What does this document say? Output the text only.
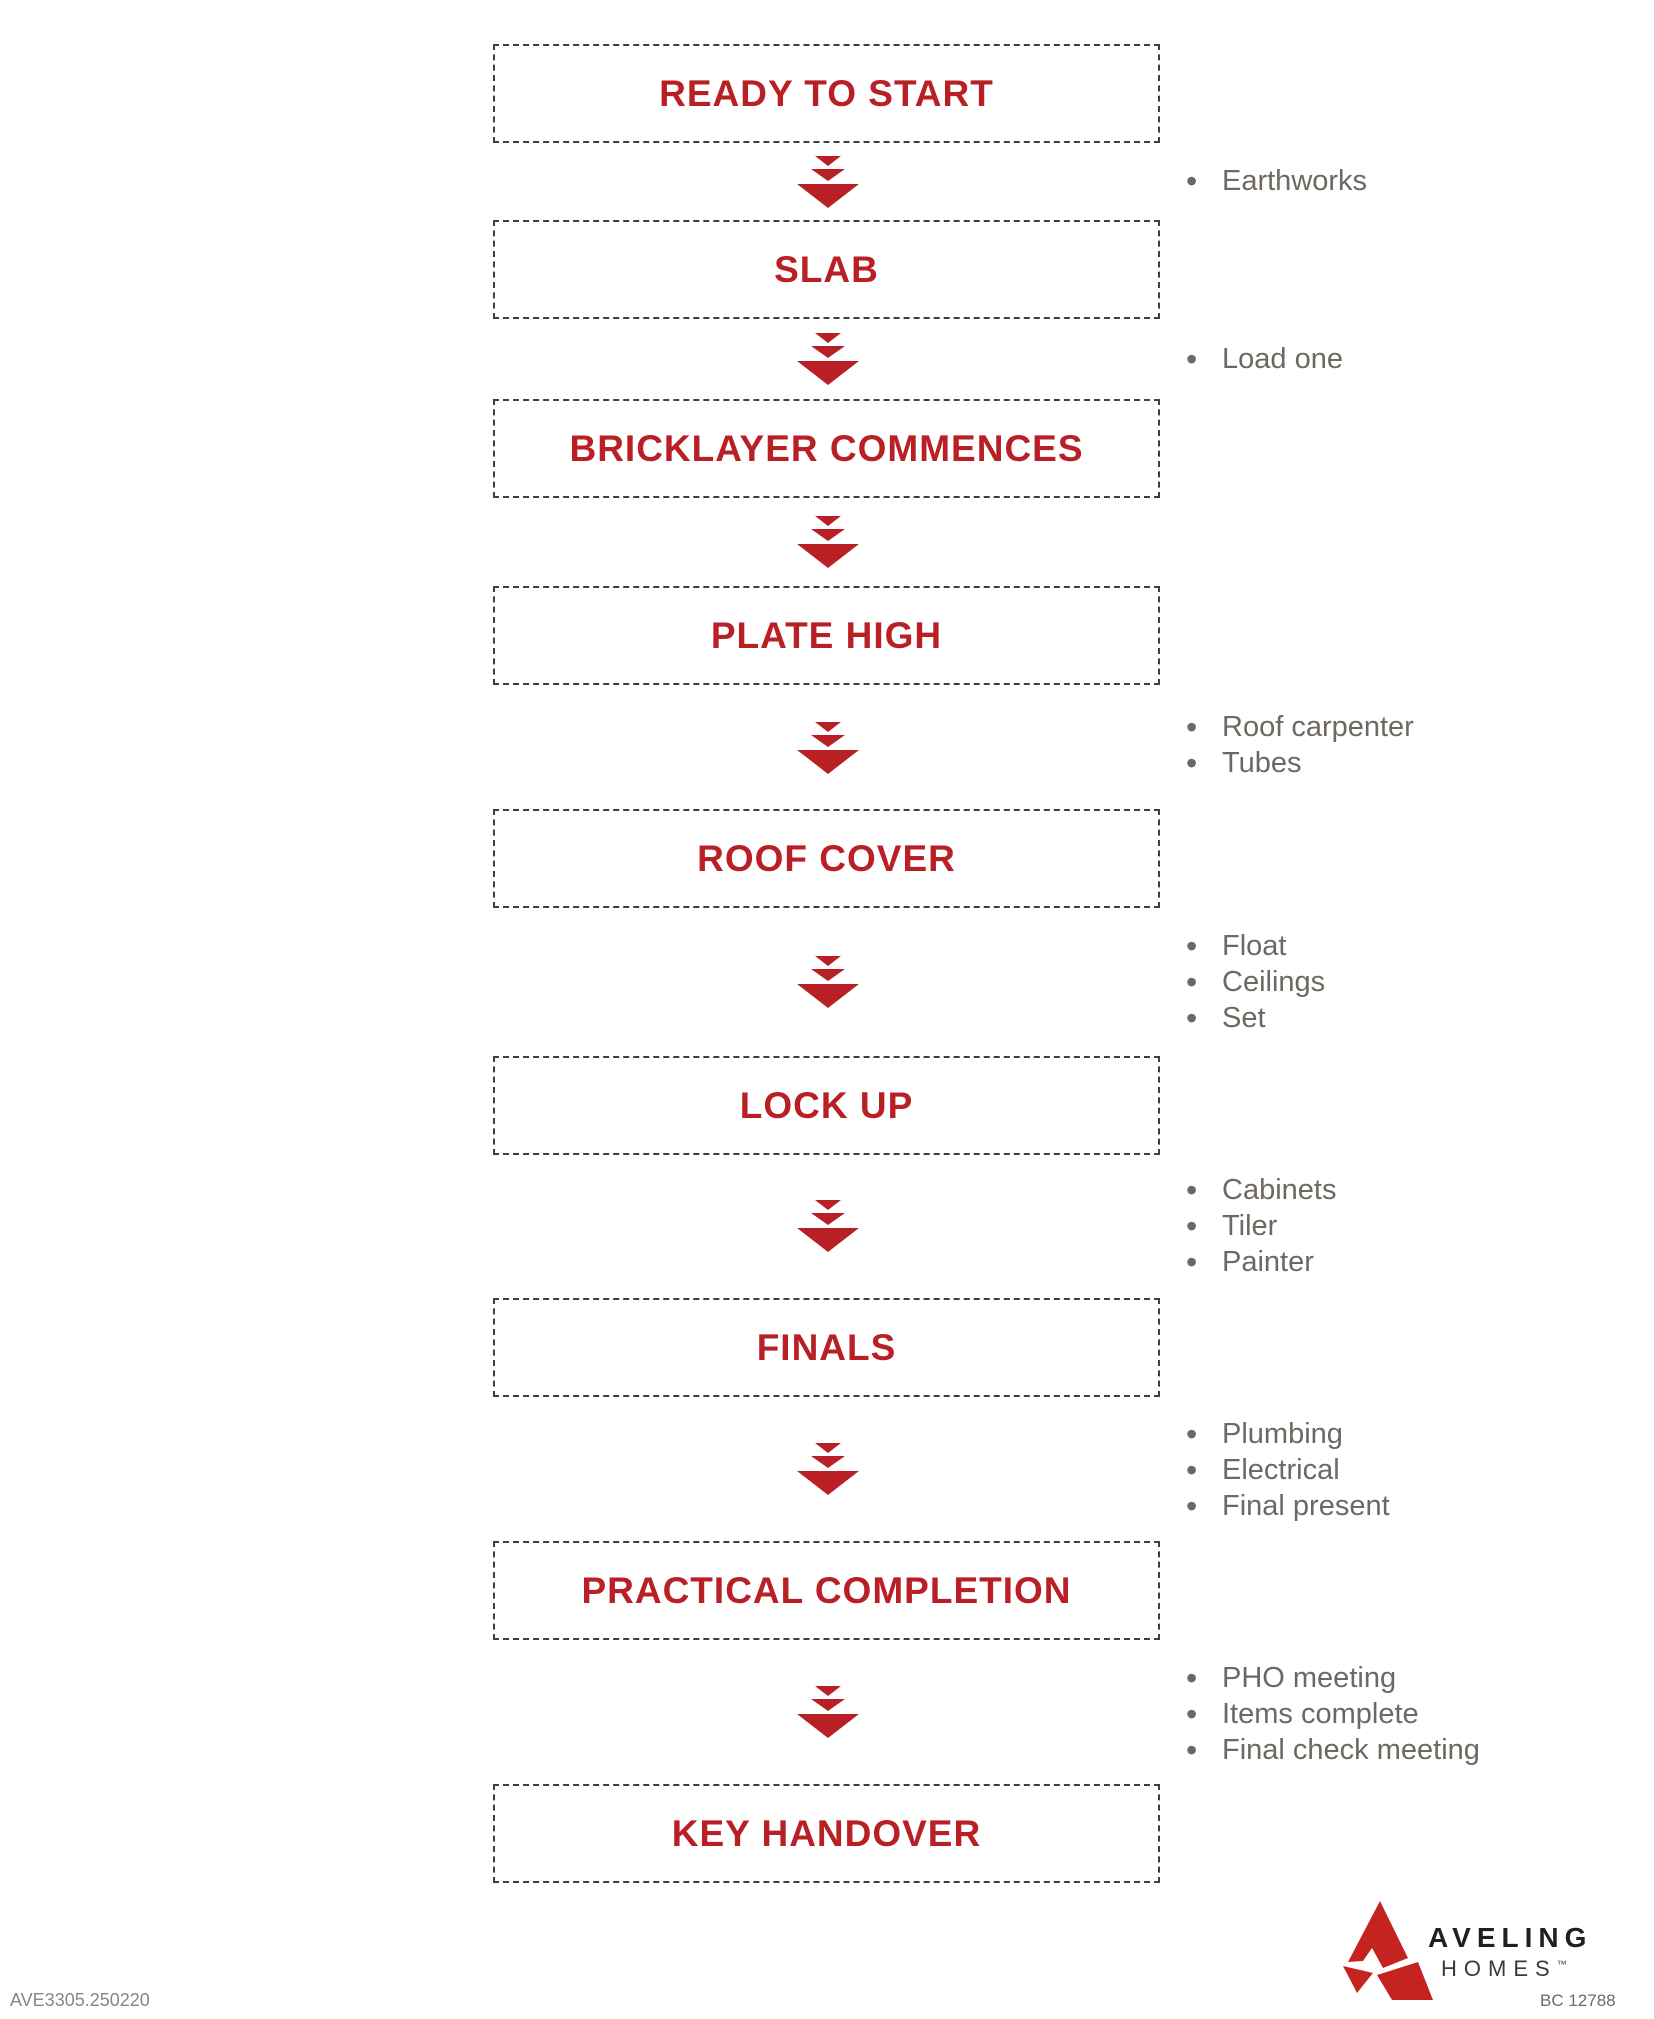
READY TO START
SLAB
BRICKLAYER COMMENCES
PLATE HIGH
ROOF COVER
LOCK UP
FINALS
PRACTICAL COMPLETION
KEY HANDOVER
• Earthworks
• Load one
• Roof carpenter
• Tubes
• Float
• Ceilings
• Set
• Cabinets
• Tiler
• Painter
• Plumbing
• Electrical
• Final present
• PHO meeting
• Items complete
• Final check meeting
AVELING
HOMES™
AVE3305.250220	BC 12788
